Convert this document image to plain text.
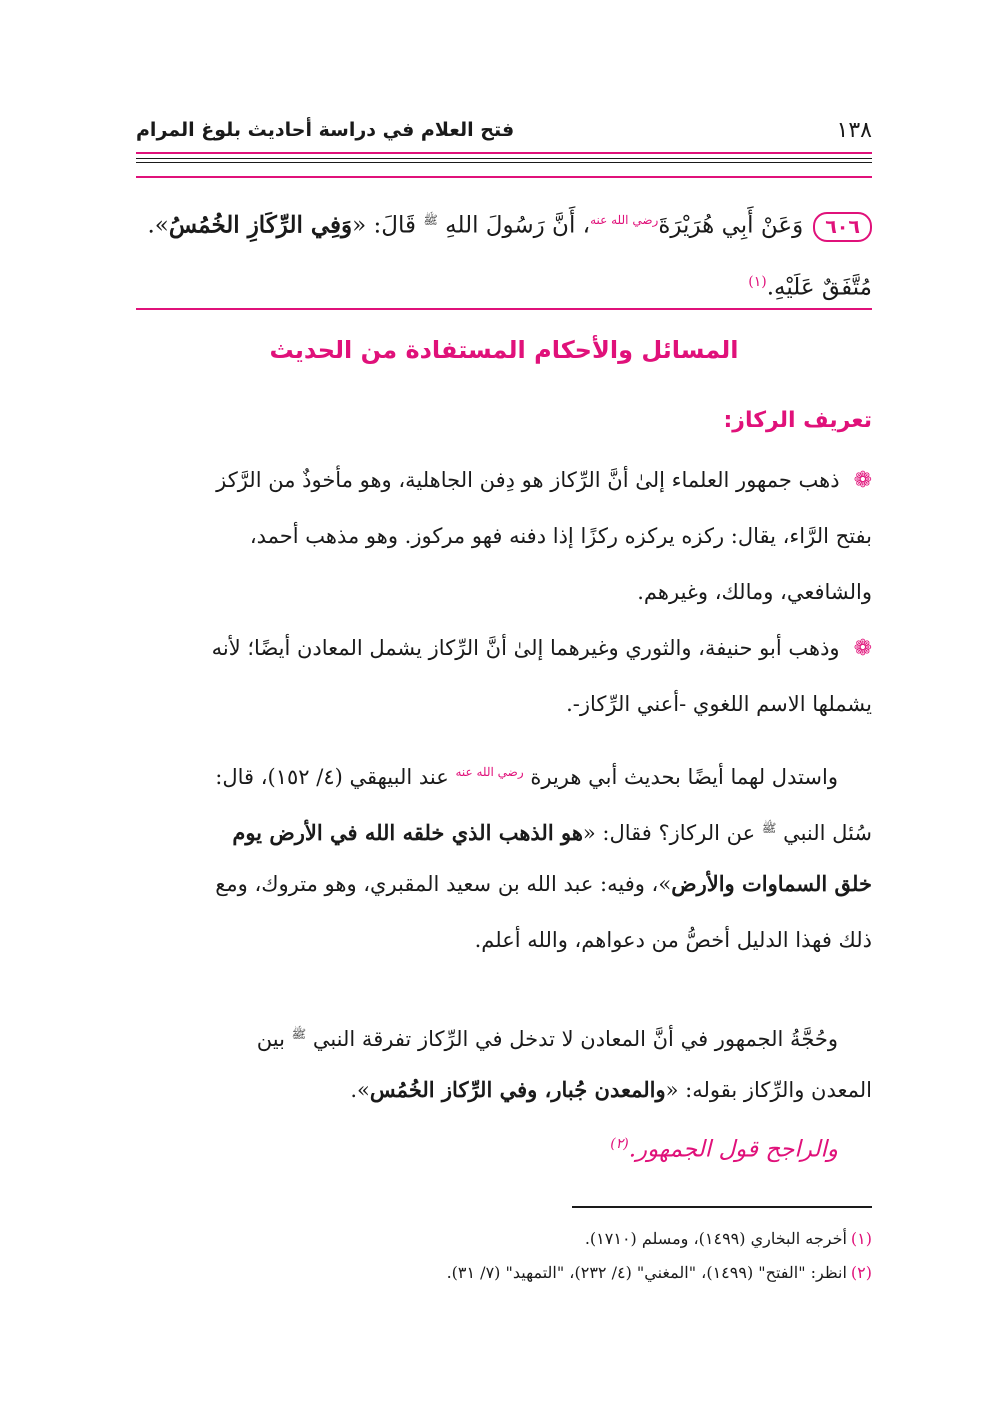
١٣٨
فتح العلام في دراسة أحاديث بلوغ المرام
٦٠٦وَعَنْ أَبِي هُرَيْرَةَ$^{رضي الله عنه}$، أَنَّ رَسُولَ اللهِ $^ﷺ$ قَالَ: «وَفِي الرِّكَازِ الخُمُسُ».
مُتَّفَقٌ عَلَيْهِ.$^{(١)}$
المسائل والأحكام المستفادة من الحديث
تعريف الركاز:
❁ذهب جمهور العلماء إلىٰ أنَّ الرِّكاز هو دِفن الجاهلية، وهو مأخوذٌ من الرَّكز
بفتح الرَّاء، يقال: ركزه يركزه ركزًا إذا دفنه فهو مركوز. وهو مذهب أحمد،
والشافعي، ومالك، وغيرهم.
❁وذهب أبو حنيفة، والثوري وغيرهما إلىٰ أنَّ الرِّكاز يشمل المعادن أيضًا؛ لأنه
يشملها الاسم اللغوي -أعني الرِّكاز-.
واستدل لهما أيضًا بحديث أبي هريرة $^{رضي الله عنه}$ عند البيهقي (٤/ ١٥٢)، قال:
سُئل النبي $^ﷺ$ عن الركاز؟ فقال: «هو الذهب الذي خلقه الله في الأرض يوم
خلق السماوات والأرض»، وفيه: عبد الله بن سعيد المقبري، وهو متروك، ومع
ذلك فهذا الدليل أخصُّ من دعواهم، والله أعلم.
وحُجَّةُ الجمهور في أنَّ المعادن لا تدخل في الرِّكاز تفرقة النبي $^ﷺ$ بين
المعدن والرِّكاز بقوله: «والمعدن جُبار، وفي الرِّكاز الخُمُس».
والراجح قول الجمهور.$^{(٢)}$
(١)أخرجه البخاري (١٤٩٩)، ومسلم (١٧١٠).
(٢)انظر: "الفتح" (١٤٩٩)، "المغني" (٤/ ٢٣٢)، "التمهيد" (٧/ ٣١).
